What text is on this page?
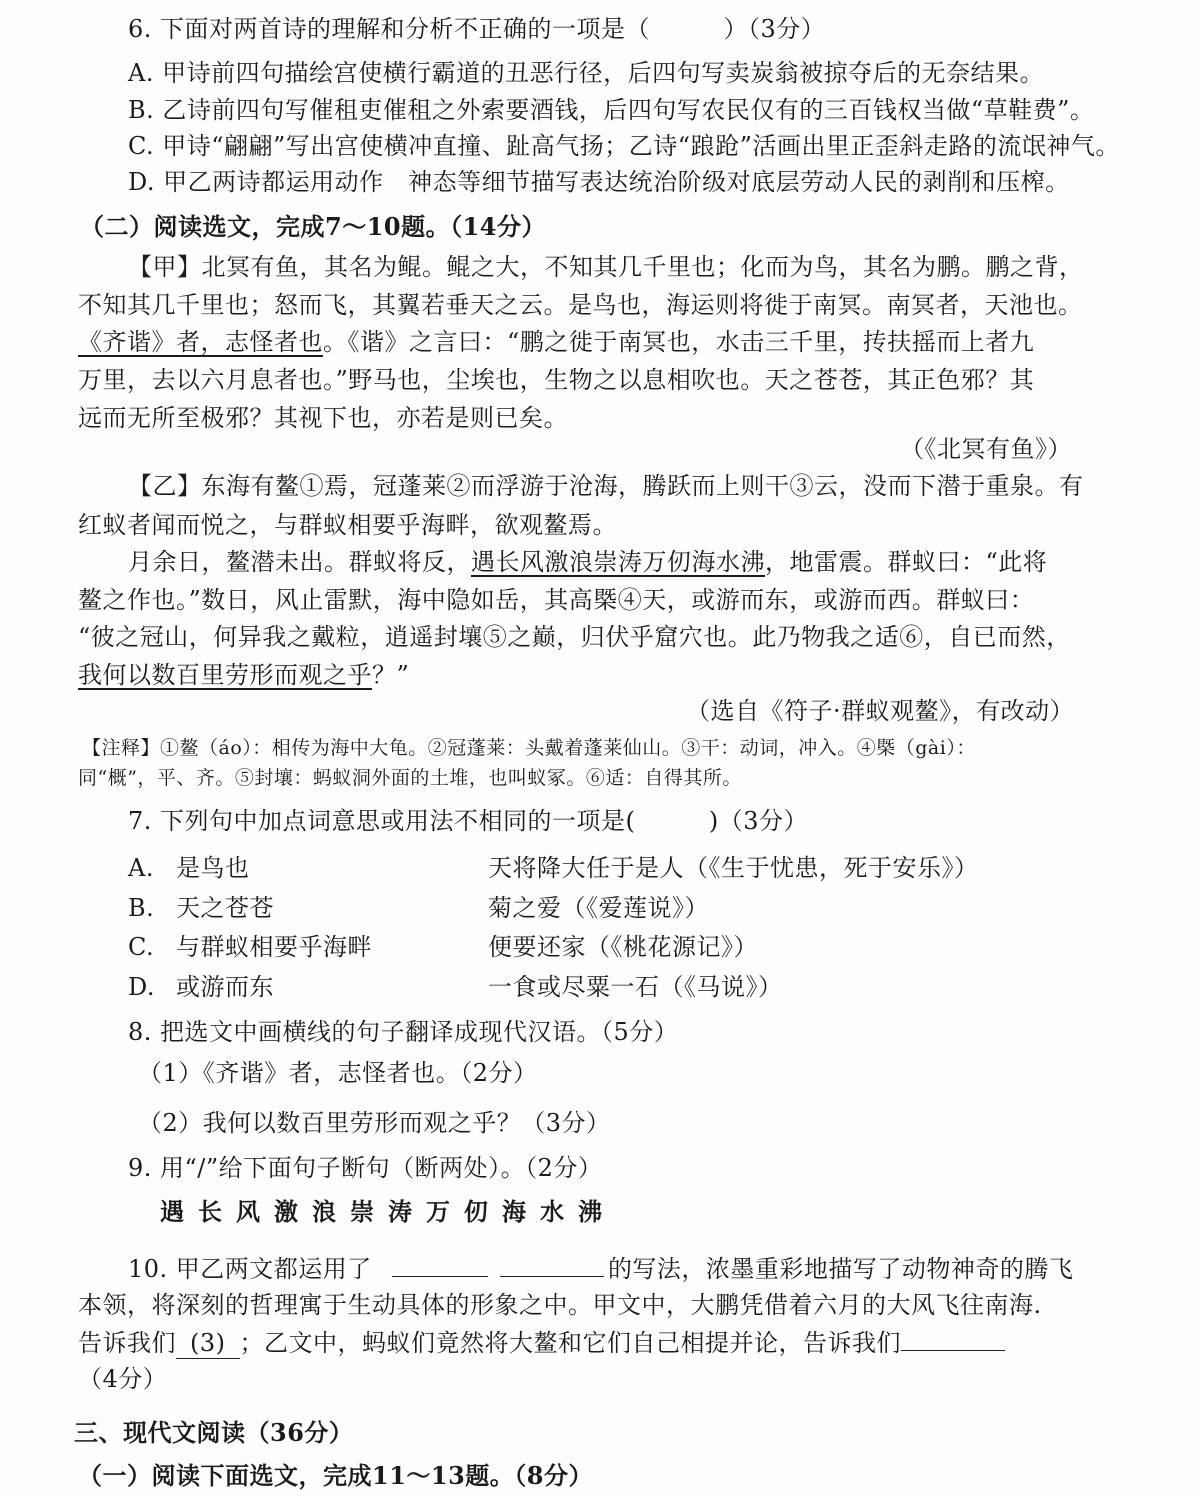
6. 下面对两首诗的理解和分析不正确的一项是（　　　）（3分）
A. 甲诗前四句描绘宫使横行霸道的丑恶行径，后四句写卖炭翁被掠夺后的无奈结果。
B. 乙诗前四句写催租吏催租之外索要酒钱，后四句写农民仅有的三百钱权当做“草鞋费”。
C. 甲诗“翩翩”写出宫使横冲直撞、趾高气扬；乙诗“踉跄”活画出里正歪斜走路的流氓神气。
D. 甲乙两诗都运用动作　神态等细节描写表达统治阶级对底层劳动人民的剥削和压榨。
（二）阅读选文，完成7～10题。（14分）
【甲】北冥有鱼，其名为鲲。鲲之大，不知其几千里也；化而为鸟，其名为鹏。鹏之背，
不知其几千里也；怒而飞，其翼若垂天之云。是鸟也，海运则将徙于南冥。南冥者，天池也。
《齐谐》者，志怪者也。《谐》之言曰：“鹏之徙于南冥也，水击三千里，抟扶摇而上者九
万里，去以六月息者也。”野马也，尘埃也，生物之以息相吹也。天之苍苍，其正色邪？其
远而无所至极邪？其视下也，亦若是则已矣。
（《北冥有鱼》）
【乙】东海有鳌①焉，冠蓬莱②而浮游于沧海，腾跃而上则干③云，没而下潜于重泉。有
红蚁者闻而悦之，与群蚁相要乎海畔，欲观鳌焉。
月余日，鳌潜未出。群蚁将反，遇长风激浪崇涛万仞海水沸，地雷震。群蚁曰：“此将
鳌之作也。”数日，风止雷默，海中隐如岳，其高槩④天，或游而东，或游而西。群蚁曰：
“彼之冠山，何异我之戴粒，逍遥封壤⑤之巅，归伏乎窟穴也。此乃物我之适⑥，自已而然，
我何以数百里劳形而观之乎？”
（选自《符子·群蚁观鳌》，有改动）
【注释】①鳌（áo）：相传为海中大龟。②冠蓬莱：头戴着蓬莱仙山。③干：动词，冲入。④槩（gài）：
同“概”，平、齐。⑤封壤：蚂蚁洞外面的土堆，也叫蚁冢。⑥适：自得其所。
7. 下列句中加点词意思或用法不相同的一项是(　　　)（3分）
A. 是鸟也	天将降大任于是人（《生于忧患，死于安乐》）
B. 天之苍苍	菊之爱（《爱莲说》）
C. 与群蚁相要乎海畔	便要还家（《桃花源记》）
D. 或游而东	一食或尽粟一石（《马说》）
8. 把选文中画横线的句子翻译成现代汉语。（5分）
（1）《齐谐》者，志怪者也。（2分）
（2）我何以数百里劳形而观之乎？（3分）
9. 用“/”给下面句子断句（断两处）。（2分）
遇长风激浪崇涛万仞海水沸
10. 甲乙两文都运用了	的写法，浓墨重彩地描写了动物神奇的腾飞
本领，将深刻的哲理寓于生动具体的形象之中。甲文中，大鹏凭借着六月的大风飞往南海.
告诉我们 (3) ；乙文中，蚂蚁们竟然将大鳌和它们自己相提并论，告诉我们
（4分）
三、现代文阅读（36分）
（一）阅读下面选文，完成11～13题。（8分）
